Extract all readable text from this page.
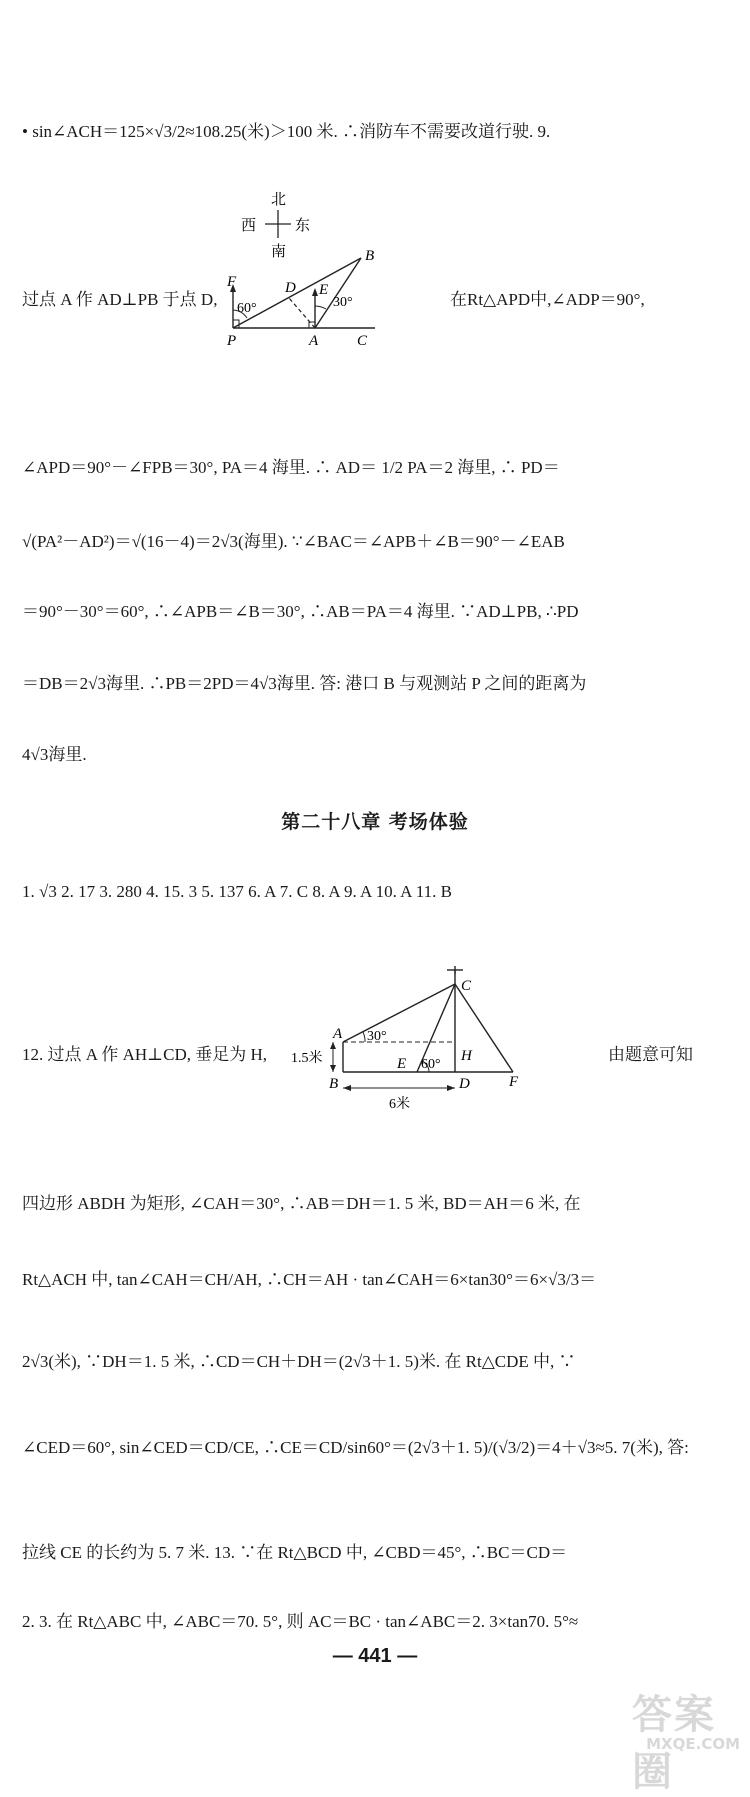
• sin∠ACH＝125×√3/2≈108.25(米)＞100 米. ∴消防车不需要改道行驶. 9.
北
西	东
南
F
60°
P
D E
30°
B
A	C
过点 A 作 AD⊥PB 于点 D,	在Rt△APD中,∠ADP＝90°,
∠APD＝90°－∠FPB＝30°, PA＝4 海里. ∴ AD＝ 1/2 PA＝2 海里, ∴ PD＝
√(PA²－AD²)＝√(16－4)＝2√3(海里). ∵∠BAC＝∠APB＋∠B＝90°－∠EAB
＝90°－30°＝60°, ∴∠APB＝∠B＝30°, ∴AB＝PA＝4 海里. ∵AD⊥PB, ∴PD
＝DB＝2√3海里. ∴PB＝2PD＝4√3海里. 答: 港口 B 与观测站 P 之间的距离为
4√3海里.
第二十八章 考场体验
1. √3 2. 17 3. 280 4. 15. 3 5. 137 6. A 7. C 8. A 9. A 10. A 11. B
C
A 30°
E 60°
H
F
B	D
1.5米
6米
12. 过点 A 作 AH⊥CD, 垂足为 H,	由题意可知
四边形 ABDH 为矩形, ∠CAH＝30°, ∴AB＝DH＝1. 5 米, BD＝AH＝6 米, 在
Rt△ACH 中, tan∠CAH＝CH/AH, ∴CH＝AH · tan∠CAH＝6×tan30°＝6×√3/3＝
2√3(米), ∵DH＝1. 5 米, ∴CD＝CH＋DH＝(2√3＋1. 5)米. 在 Rt△CDE 中, ∵
∠CED＝60°, sin∠CED＝CD/CE, ∴CE＝CD/sin60°＝(2√3＋1. 5)/(√3/2)＝4＋√3≈5. 7(米), 答:
拉线 CE 的长约为 5. 7 米. 13. ∵在 Rt△BCD 中, ∠CBD＝45°, ∴BC＝CD＝
2. 3. 在 Rt△ABC 中, ∠ABC＝70. 5°, 则 AC＝BC · tan∠ABC＝2. 3×tan70. 5°≈
— 441 —
答案圈
MXQE.COM
